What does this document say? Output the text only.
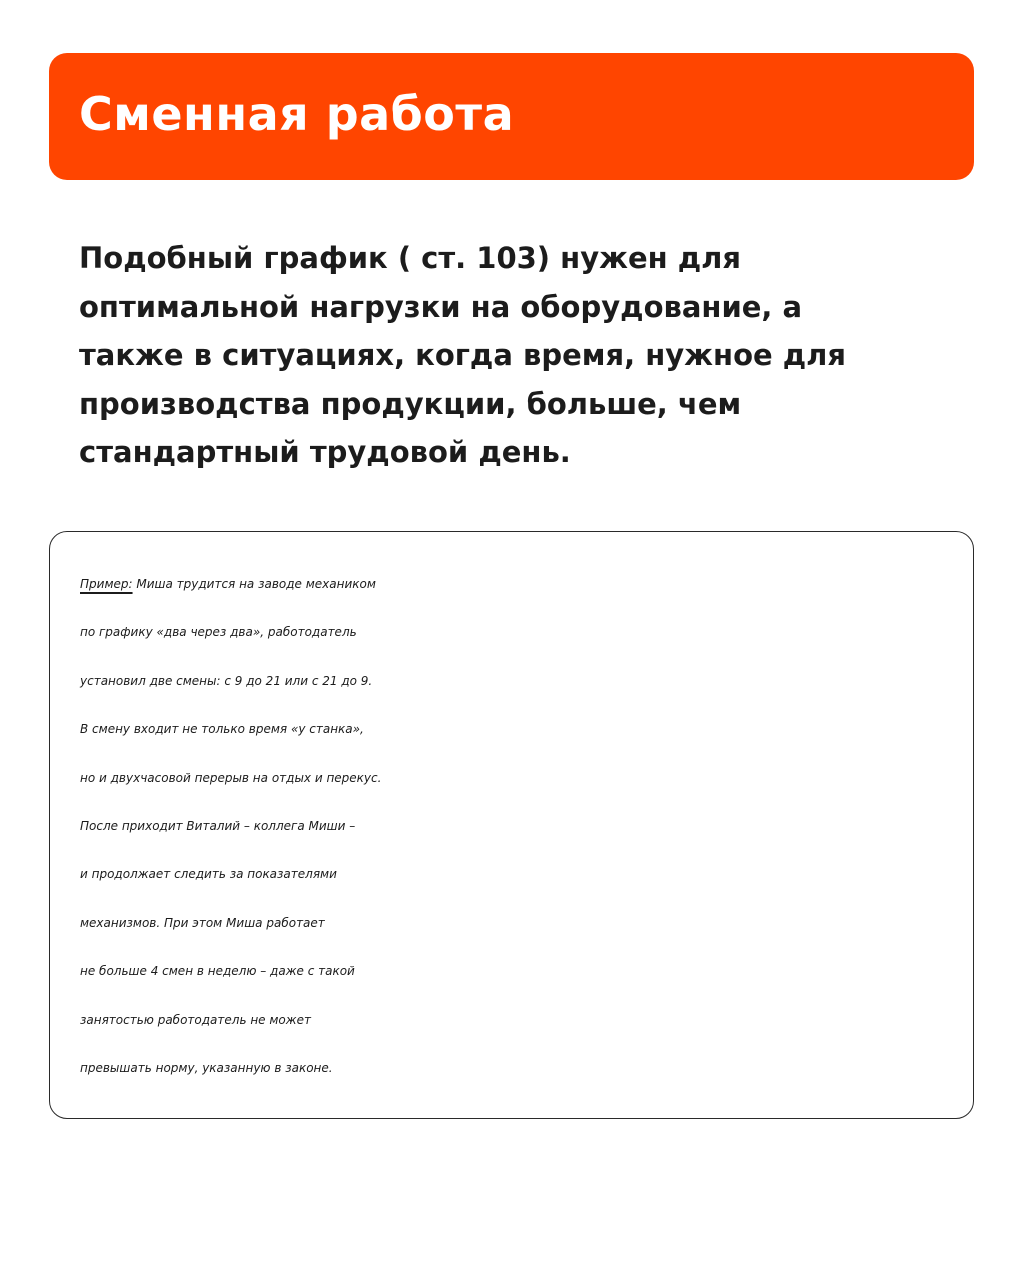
Сменная работа
Подобный график ( ст. 103) нужен для
оптимальной нагрузки на оборудование, а
также в ситуациях, когда время, нужное для
производства продукции, больше, чем
стандартный трудовой день.
Пример: Миша трудится на заводе механиком
по графику «два через два», работодатель
установил две смены: с 9 до 21 или с 21 до 9.
В смену входит не только время «у станка»,
но и двухчасовой перерыв на отдых и перекус.
После приходит Виталий – коллега Миши –
и продолжает следить за показателями
механизмов. При этом Миша работает
не больше 4 смен в неделю – даже с такой
занятостью работодатель не может
превышать норму, указанную в законе.
